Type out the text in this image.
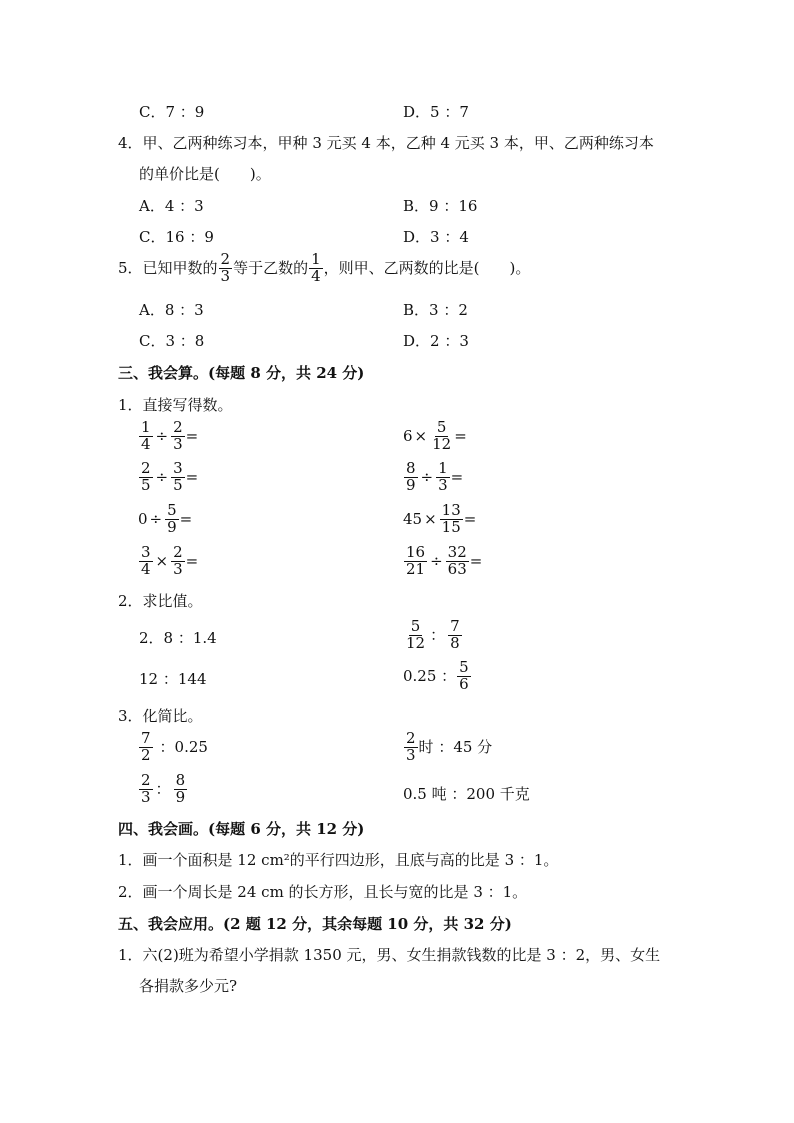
C．7 ：9	D．5 ：7
4．甲、乙两种练习本，甲种 3 元买 4 本，乙种 4 元买 3 本，甲、乙两种练习本
的单价比是(　　)。
A．4 ：3	B．9 ：16
C．16 ：9	D．3 ：4
5．已知甲数的 $\frac{2}{3}$ 等于乙数的 $\frac{1}{4}$ ，则甲、乙两数的比是(　　)。
A．8 ：3	B．3 ：2
C．3 ：8	D．2 ：3
三、我会算。(每题 8 分，共 24 分)
1．直接写得数。
$\frac{1}{4} \div \frac{2}{3}$ =	$6 \times \frac{5}{12}$ =
$\frac{2}{5} \div \frac{3}{5}$ =	$\frac{8}{9} \div \frac{1}{3}$ =
$0 \div \frac{5}{9}$ =	$45 \times \frac{13}{15}$ =
$\frac{3}{4} \times \frac{2}{3}$ =	$\frac{16}{21} \div \frac{32}{63}$ =
2．求比值。
2．8 ：1.4	$\frac{5}{12}$ ： $\frac{7}{8}$
12 ：144	0.25 ： $\frac{5}{6}$
3．化简比。
$\frac{7}{2}$ ：0.25	$\frac{2}{3}$ 时 ：45 分
$\frac{2}{3}$ ： $\frac{8}{9}$	0.5 吨 ：200 千克
四、我会画。(每题 6 分，共 12 分)
1．画一个面积是 12 cm²的平行四边形，且底与高的比是 3 ：1。
2．画一个周长是 24 cm 的长方形，且长与宽的比是 3 ：1。
五、我会应用。(2 题 12 分，其余每题 10 分，共 32 分)
1．六(2)班为希望小学捐款 1350 元，男、女生捐款钱数的比是 3 ：2，男、女生
各捐款多少元?
